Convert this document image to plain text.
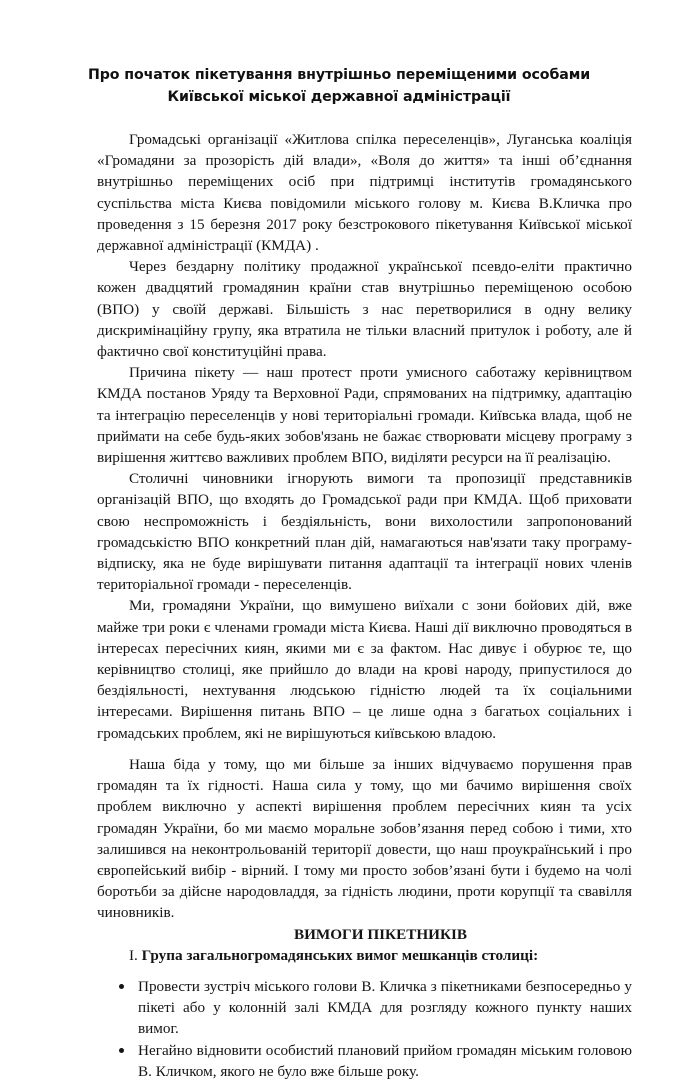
Про початок пікетування внутрішньо переміщеними особами
Київської міської державної адміністрації

Громадські організації «Житлова спілка переселенців», Луганська коаліція «Громадяни за прозорість дій влади», «Воля до життя» та інші об’єднання внутрішньо переміщених осіб при підтримці інститутів громадянського суспільства міста Києва повідомили міського голову м. Києва В.Кличка про проведення з 15 березня 2017 року безстрокового пікетування Київської міської державної адміністрації (КМДА) .

Через бездарну політику продажної української псевдо-еліти практично кожен двадцятий громадянин країни став внутрішньо переміщеною особою (ВПО) у своїй державі. Більшість з нас перетворилися в одну велику дискримінаційну групу, яка втратила не тільки власний притулок і роботу, але й фактично свої конституційні права.

Причина пікету — наш протест проти умисного саботажу керівництвом КМДА постанов Уряду та Верховної Ради, спрямованих на підтримку, адаптацію та інтеграцію переселенців у нові територіальні громади. Київська влада, щоб не приймати на себе будь-яких зобов'язань не бажає створювати місцеву програму з вирішення життєво важливих проблем ВПО, виділяти ресурси на її реалізацію.

Столичні чиновники ігнорують вимоги та пропозиції представників організацій ВПО, що входять до Громадської ради при КМДА. Щоб приховати свою неспроможність і бездіяльність, вони вихолостили запропонований громадськістю ВПО конкретний план дій, намагаються нав'язати таку програму-відписку, яка не буде вирішувати питання адаптації та інтеграції нових членів територіальної громади - переселенців.

Ми, громадяни України, що вимушено виїхали с зони бойових дій, вже майже три роки є членами громади міста Києва. Наші дії виключно проводяться в інтересах пересічних киян, якими ми є за фактом. Нас дивує і обурює те, що керівництво столиці, яке прийшло до влади на крові народу, припустилося до бездіяльності, нехтування людською гідністю людей та їх соціальними інтересами. Вирішення питань ВПО – це лише одна з багатьох соціальних і громадських проблем, які не вирішуються київською владою.

Наша біда у тому, що ми більше за інших відчуваємо порушення прав громадян та їх гідності. Наша сила у тому, що ми бачимо вирішення своїх проблем виключно у аспекті вирішення проблем пересічних киян та усіх громадян України, бо ми маємо моральне зобов’язання перед собою і тими, хто залишився на неконтрольованій території довести, що наш проукраїнський і про європейський вибір - вірний. І тому ми просто зобов’язані бути і будемо на чолі боротьби за дійсне народовладдя, за гідність людини, проти корупції та свавілля чиновників.

ВИМОГИ ПІКЕТНИКІВ

I. Група загальногромадянських вимог мешканців столиці:

Провести зустріч міського голови В. Кличка з пікетниками безпосередньо у пікеті або у колонній залі КМДА для розгляду кожного пункту наших вимог.
Негайно відновити особистий плановий прийом громадян міським головою В. Кличком, якого не було вже більше року.
